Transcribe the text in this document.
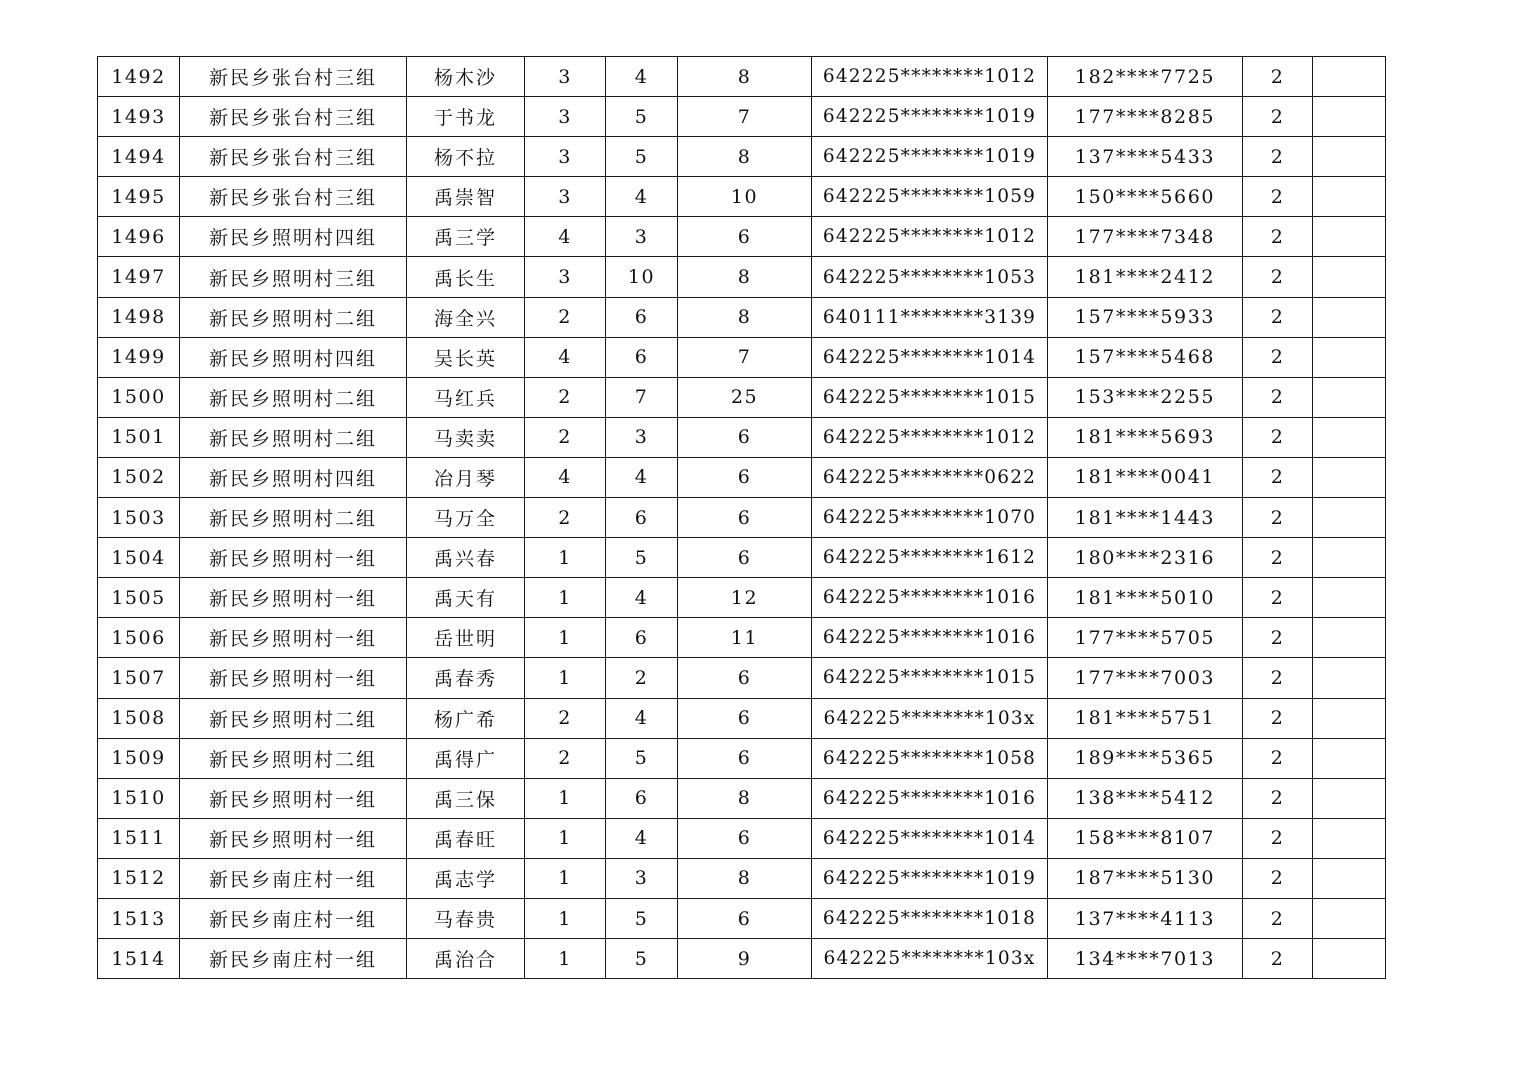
1492	新民乡张台村三组	杨木沙	3	4	8	642225********1012	182****7725	2	
1493	新民乡张台村三组	于书龙	3	5	7	642225********1019	177****8285	2	
1494	新民乡张台村三组	杨不拉	3	5	8	642225********1019	137****5433	2	
1495	新民乡张台村三组	禹崇智	3	4	10	642225********1059	150****5660	2	
1496	新民乡照明村四组	禹三学	4	3	6	642225********1012	177****7348	2	
1497	新民乡照明村三组	禹长生	3	10	8	642225********1053	181****2412	2	
1498	新民乡照明村二组	海全兴	2	6	8	640111********3139	157****5933	2	
1499	新民乡照明村四组	吴长英	4	6	7	642225********1014	157****5468	2	
1500	新民乡照明村二组	马红兵	2	7	25	642225********1015	153****2255	2	
1501	新民乡照明村二组	马卖卖	2	3	6	642225********1012	181****5693	2	
1502	新民乡照明村四组	冶月琴	4	4	6	642225********0622	181****0041	2	
1503	新民乡照明村二组	马万全	2	6	6	642225********1070	181****1443	2	
1504	新民乡照明村一组	禹兴春	1	5	6	642225********1612	180****2316	2	
1505	新民乡照明村一组	禹天有	1	4	12	642225********1016	181****5010	2	
1506	新民乡照明村一组	岳世明	1	6	11	642225********1016	177****5705	2	
1507	新民乡照明村一组	禹春秀	1	2	6	642225********1015	177****7003	2	
1508	新民乡照明村二组	杨广希	2	4	6	642225********103x	181****5751	2	
1509	新民乡照明村二组	禹得广	2	5	6	642225********1058	189****5365	2	
1510	新民乡照明村一组	禹三保	1	6	8	642225********1016	138****5412	2	
1511	新民乡照明村一组	禹春旺	1	4	6	642225********1014	158****8107	2	
1512	新民乡南庄村一组	禹志学	1	3	8	642225********1019	187****5130	2	
1513	新民乡南庄村一组	马春贵	1	5	6	642225********1018	137****4113	2	
1514	新民乡南庄村一组	禹治合	1	5	9	642225********103x	134****7013	2	
